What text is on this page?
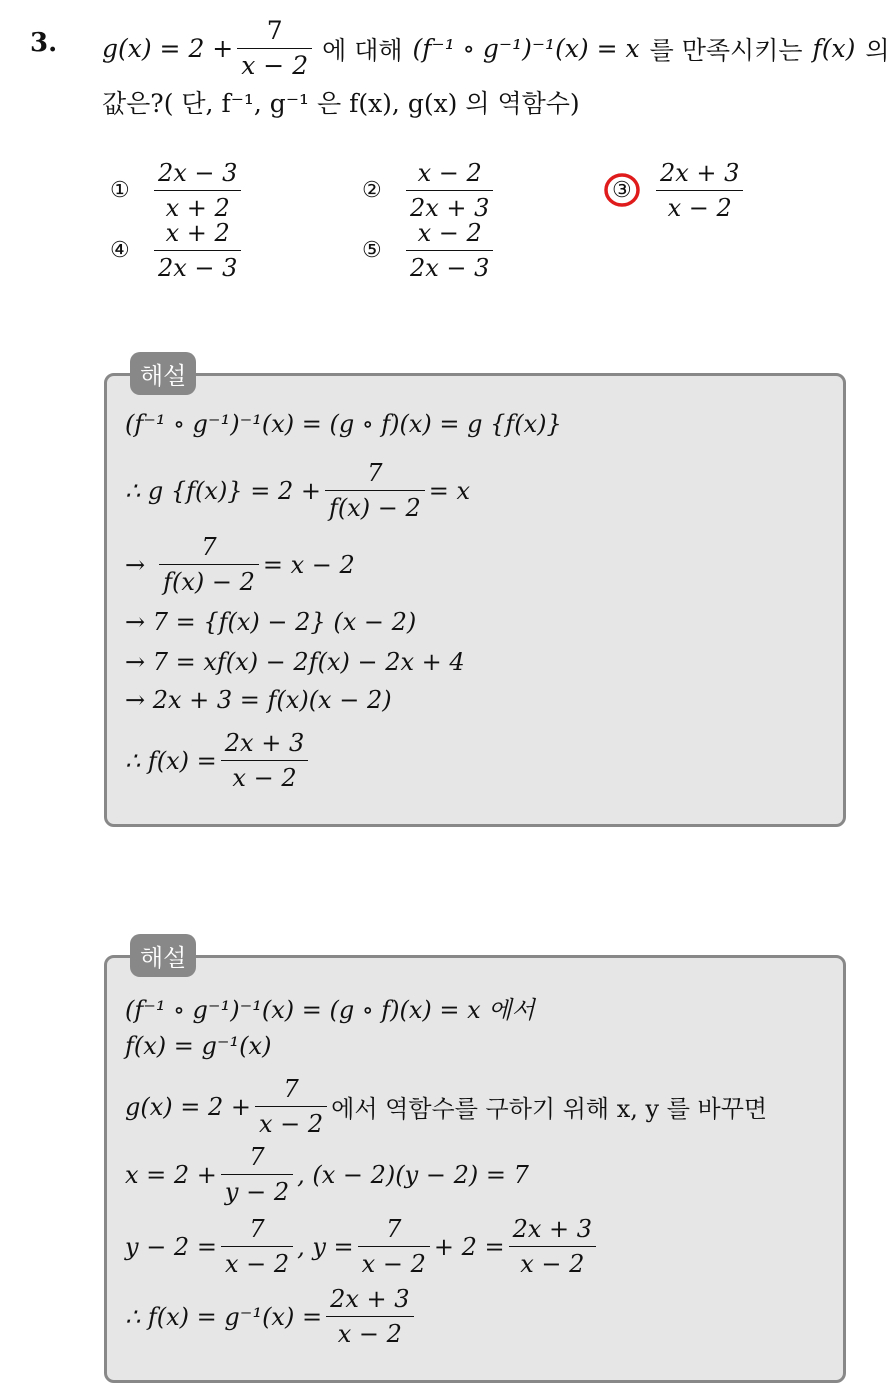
3. $g(x) = 2 + \frac{7}{x - 2}$ 에 대해 (f⁻¹ ∘ g⁻¹)⁻¹(x) = x 를 만족시키는 f(x) 의
값은?( 단, f⁻¹, g⁻¹ 은 f(x), g(x) 의 역함수)
①	$\frac{2x - 3}{x + 2}$	②	$\frac{x - 2}{2x + 3}$	③	$\frac{2x + 3}{x - 2}$
④	$\frac{x + 2}{2x - 3}$	⑤	$\frac{x - 2}{2x - 3}$
해설
(f⁻¹ ∘ g⁻¹)⁻¹(x) = (g ∘ f)(x) = g {f(x)}
∴ g $\{f(x)\} = 2 + \frac{7}{f(x) - 2} = x$
→ $\frac{7}{f(x) - 2} = x - 2$
→ 7 = {f(x) − 2} (x − 2)
→ 7 = xf(x) − 2f(x) − 2x + 4
→ 2x + 3 = f(x)(x − 2)
∴ $f(x) = \frac{2x + 3}{x - 2}$
해설
(f⁻¹ ∘ g⁻¹)⁻¹(x) = (g ∘ f)(x) = x 에서
f(x) = g⁻¹(x)
$g(x) = 2 + \frac{7}{x - 2}$ 에서 역함수를 구하기 위해 x, y 를 바꾸면
$x = 2 + \frac{7}{y - 2}$ , (x − 2)(y − 2) = 7
$y - 2 = \frac{7}{x - 2}$ , $y = \frac{7}{x - 2} + 2 = \frac{2x + 3}{x - 2}$
∴ $f(x) = g^{-1}(x) = \frac{2x + 3}{x - 2}$
